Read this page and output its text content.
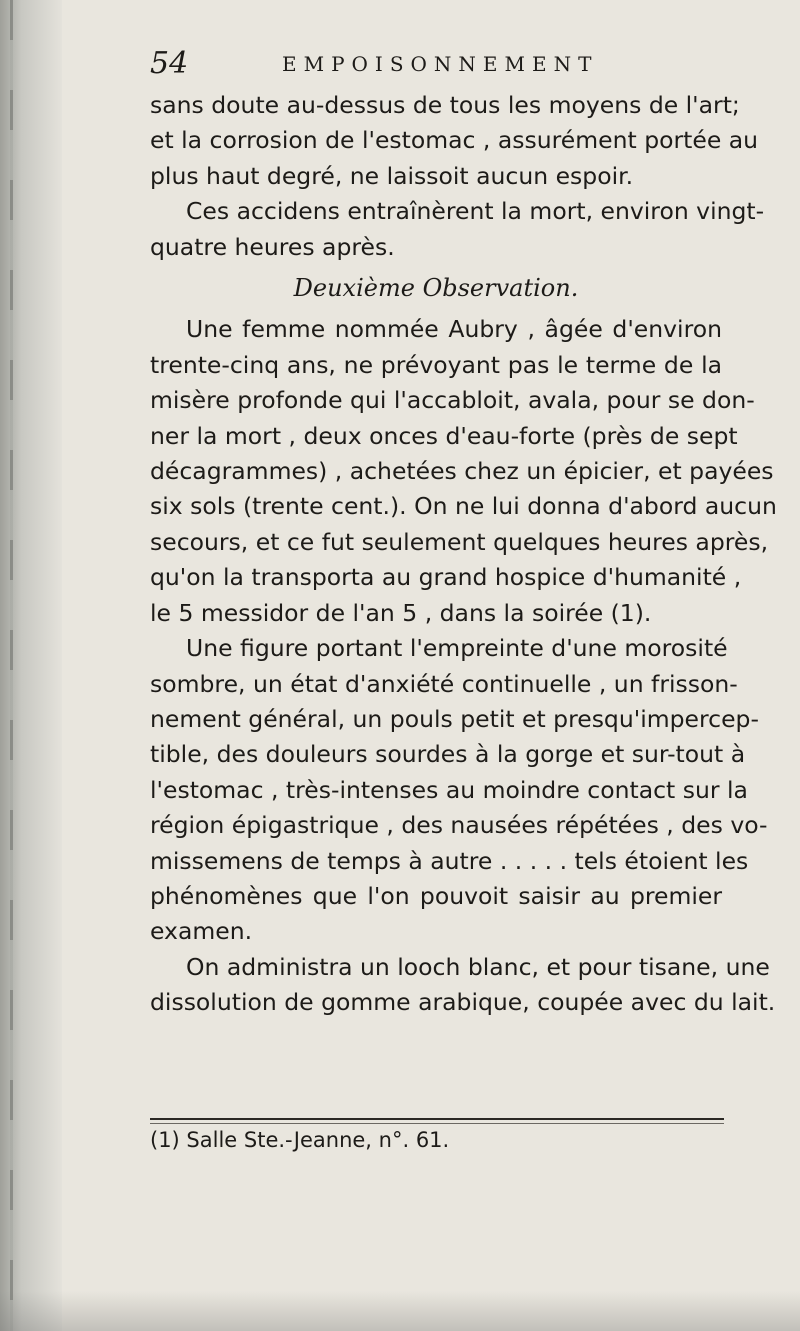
54	EMPOISONNEMENT
sans doute au-dessus de tous les moyens de l'art;
et la corrosion de l'estomac , assurément portée au
plus haut degré, ne laissoit aucun espoir.
Ces accidens entraînèrent la mort, environ vingt-
quatre heures après.
Deuxième Observation.
Une femme nommée Aubry , âgée d'environ
trente-cinq ans, ne prévoyant pas le terme de la
misère profonde qui l'accabloit, avala, pour se don-
ner la mort , deux onces d'eau-forte (près de sept
décagrammes) , achetées chez un épicier, et payées
six sols (trente cent.). On ne lui donna d'abord aucun
secours, et ce fut seulement quelques heures après,
qu'on la transporta au grand hospice d'humanité ,
le 5 messidor de l'an 5 , dans la soirée (1).
Une figure portant l'empreinte d'une morosité
sombre, un état d'anxiété continuelle , un frisson-
nement général, un pouls petit et presqu'impercep-
tible, des douleurs sourdes à la gorge et sur-tout à
l'estomac , très-intenses au moindre contact sur la
région épigastrique , des nausées répétées , des vo-
missemens de temps à autre . . . . . tels étoient les
phénomènes que l'on pouvoit saisir au premier
examen.
On administra un looch blanc, et pour tisane, une
dissolution de gomme arabique, coupée avec du lait.
(1) Salle Ste.-Jeanne, n°. 61.
